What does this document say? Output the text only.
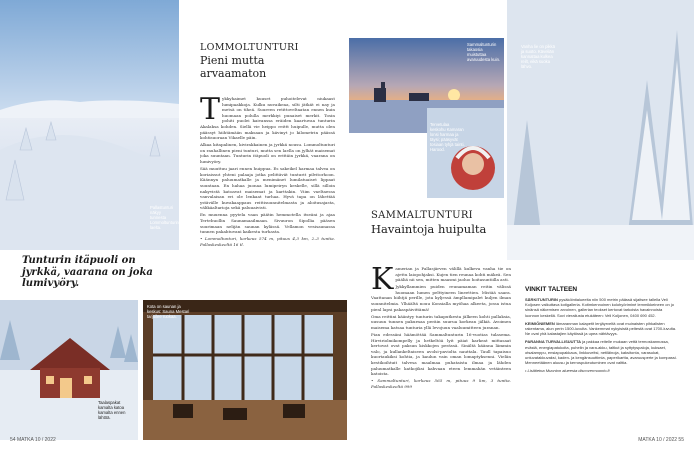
Pallastunturi näkyy tunnesta Lommoltunturin laelta.
Tunturin itäpuoli on jyrkkä, vaarana on joka lumivyöry.
LOMMOLTUNTURI
Pieni mutta arvaamaton
T ykkyhaimet kuuset puhoitelevat niukaast lumipaakkoja. Kulku nuvaikeaa, silti jätkät ei nay ja metsä on tiheä. Suureen retittoveltaatan ennen kuin huomaan polulla merkkiyi punaiset merkit. Tosin pohiti puolei kaivanssa eräiden kaartuvaa tunturin Akalaksa kohden. Siellä vie heippo reittt huipulle, mutta olen päässyt hiihtämään maksaan ja kävinyt jo kilometrin päässä kohtisuoraan Vikaelle päin.

Alkaa kitapalinen, kivirakkainen ja jyrkkä nousu. Lommoltunturi on rauhallinen pieni tunturi, mutta sen laella on jylhät maisemat joka suuntaan. Tunturin itäpuoli on erittäin jyrkkä, vaarana on lumivyöry.

Sää muuttuu jaari ennen huippua. Es sakeikel harmaa talvea on koriaissut yhteni palaaja jotka pelittävät tunturit pilvitorhoon. Käännyn paluumatkalle ja menimänet lumilatuaiset lippaat suuntaan. En hahaa juonaa lumipeiryn keskelle, sillä silloin nakyvistä katoavat maisemat ja karttakin. Viim vaeltaessa vanvalaisan eri ole lenkaat turhaa. Hyvä tapa on lähettää ystävälle kuvakaappaus reittisuunnitelmasta ja aloitusajasta, välikäaltarioja sekä paluuaivisti.

En muuenna pyytela vaan päätin hemmotella itseäni ja ajaa Tertebuollin Saunamaailmaan. Sivuuron Sipollia pääsen suurimaan nelijän saunan kylässä. Vellamon vesisaunassa tunnen pakahtuvani kaikesta turhasta.

• Lommoltunturi, korkeus 574 m, pituus 4,3 km, 2–3 tuntia. Pallaskeskeeltä 16 tl.

Taalaspakat kamalta katoa kamalta ennen lähtöä.
Kota on saunan ja keskus: Sauna Mestari tarjoilee ruokaa.
54 MATKA 10 / 2022
Sammaltunturin takaosia muistuttaa avaruudesta kuin.
Tervetulaa keskohu Kamaran lonsi harmaa ja täysi; pääsyvät tosiaan tyhjä tainti, Harood.
Vanha lie on pikkä ja suoto. Käveliän kannattaa kulkea reilt, eikä suoka lähvo.
SAMMALTUNTURI
Havaintoja huipulta
K amerian ja Pallasjärven välillä kulkeva vanha tie on ajettu laiopohjaksi. Kujen tien reunaa kohti mäkeä. Sen pääliä nii sen, mitten maasmi jaoluo hoitasuntiilla asti.

Jykkyllammien puiden reunamaman reitin välissä huomaan lumen pelttyineen lineettien. Mistää saara. Vaattanan hiihtjä perille, jota kyljessä ämpllamipalet kuljen ilman suunnitelmia. Ylhäältä nouu Konsialla myöhaa alkeeta, jossa istua pienl lapsi pakaspäivittämä!

Oma reittini kääntyy tunturin takaputkesta jälkeen kohti pallaksia, uusuun tunnen pakurnaa peräin suurua korkean jälkiä. Avoimen maisema katsaa tunturia yllä levojuun vaaluumitteen juranan.

Pian edessäni häämöttää Sammaltunturin 16-vuotias tulasema. Hirviriolmikompelly ja hetkeltöä lyit päiat karkeat mittasaat kertovat ovat paksun kiskkojen perässä. Sinältä käänna lämmin valo, ja kullankeltaiseen avolsi-paviolta nauttala. Taull tapaisuo kuortaukiksi kohtia, ja kaulun vain oman lomaptyksenni. Vielän kestikoihtuit talvesa maalmaa puhataista ilmaa ja lähden paluumatkalle katkojiksi kahvaan eteen lemmahän vetäinteen katoista.

• Sammaltunturi, korkeus 565 m, pituus 9 km, 3 tuntia. Pallaskeskeeltä 999

VINKIT TALTEEN

SÄRKITUNTURIN pysäköintialueelta niin 500 metrin päässä sijaitsee tallella Veli Koljosen valkuttava kotigalleria. Kotimkennoinen kolohyöriminé lemmikkeineen on jo sinänsä näkemisen arvoinen, gallerian teokset kertovat tarkoista havainnoista luonnon keskellä. Sovi vierailusta etukäteen: Veli Koljonen, 0400 690 452.

KEIMIÖNIEMEN lämaranman kalapetit lenjäyrveltä ovat muinaisten pihkalisten rakentama, alun perin 1500-luvulta. Vankemmat nykyisistä peltestä ovat 1700-luvulta. Ne ovat yhä kalastajien käytössä ja upea nähtävyys.

PARANNA TURVALLISUUTTA ja pakkaa reitelle mukaan vettä termoskannussa, evästä, energiapatukoita, puhelin ja vara-akku, taltkut ja syttytyspaloja, kuksaet, otsalamppu, ensiapupakkaus, linkkuveitsi, netiläinoja, kaksitonta, varasukat, untuvatakkuvaksi, kaden- ja kengänsuuttimia, paperikartta, avaruusperte ja kompassi. Menneetäänen aluusu ja kerrospukeutuminen ovat valttia.

• Lisätietoa Muonion alueesta discovermuonio.fi

MATKA 10 / 2022 55
